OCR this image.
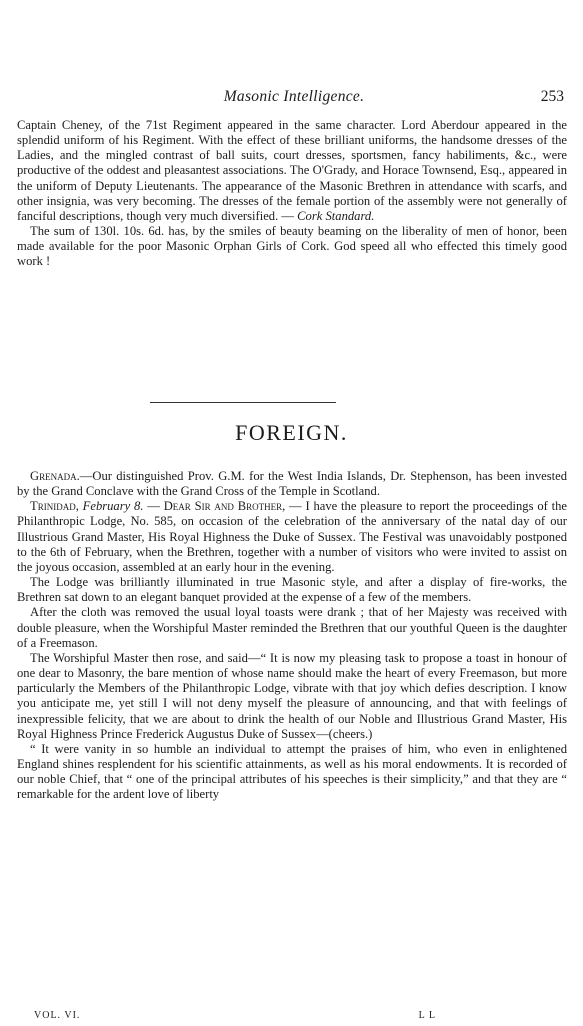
Masonic Intelligence.	253

Captain Cheney, of the 71st Regiment appeared in the same character. Lord Aberdour appeared in the splendid uniform of his Regiment. With the effect of these brilliant uniforms, the handsome dresses of the Ladies, and the mingled contrast of ball suits, court dresses, sportsmen, fancy habiliments, &c., were productive of the oddest and pleasantest associations. The O'Grady, and Horace Townsend, Esq., appeared in the uniform of Deputy Lieutenants. The appearance of the Masonic Brethren in attendance with scarfs, and other insignia, was very becoming. The dresses of the female portion of the assembly were not generally of fanciful descriptions, though very much diversified. — Cork Standard.

The sum of 130l. 10s. 6d. has, by the smiles of beauty beaming on the liberality of men of honor, been made available for the poor Masonic Orphan Girls of Cork. God speed all who effected this timely good work !

FOREIGN.

Grenada.—Our distinguished Prov. G.M. for the West India Islands, Dr. Stephenson, has been invested by the Grand Conclave with the Grand Cross of the Temple in Scotland.

Trinidad, February 8. — Dear Sir and Brother, — I have the pleasure to report the proceedings of the Philanthropic Lodge, No. 585, on occasion of the celebration of the anniversary of the natal day of our Illustrious Grand Master, His Royal Highness the Duke of Sussex. The Festival was unavoidably postponed to the 6th of February, when the Brethren, together with a number of visitors who were invited to assist on the joyous occasion, assembled at an early hour in the evening.

The Lodge was brilliantly illuminated in true Masonic style, and after a display of fire-works, the Brethren sat down to an elegant banquet provided at the expense of a few of the members.

After the cloth was removed the usual loyal toasts were drank ; that of her Majesty was received with double pleasure, when the Worshipful Master reminded the Brethren that our youthful Queen is the daughter of a Freemason.

The Worshipful Master then rose, and said—“ It is now my pleasing task to propose a toast in honour of one dear to Masonry, the bare mention of whose name should make the heart of every Freemason, but more particularly the Members of the Philanthropic Lodge, vibrate with that joy which defies description. I know you anticipate me, yet still I will not deny myself the pleasure of announcing, and that with feelings of inexpressible felicity, that we are about to drink the health of our Noble and Illustrious Grand Master, His Royal Highness Prince Frederick Augustus Duke of Sussex—(cheers.)

“ It were vanity in so humble an individual to attempt the praises of him, who even in enlightened England shines resplendent for his scientific attainments, as well as his moral endowments. It is recorded of our noble Chief, that “ one of the principal attributes of his speeches is their simplicity,” and that they are “ remarkable for the ardent love of liberty

VOL. VI.	L L
